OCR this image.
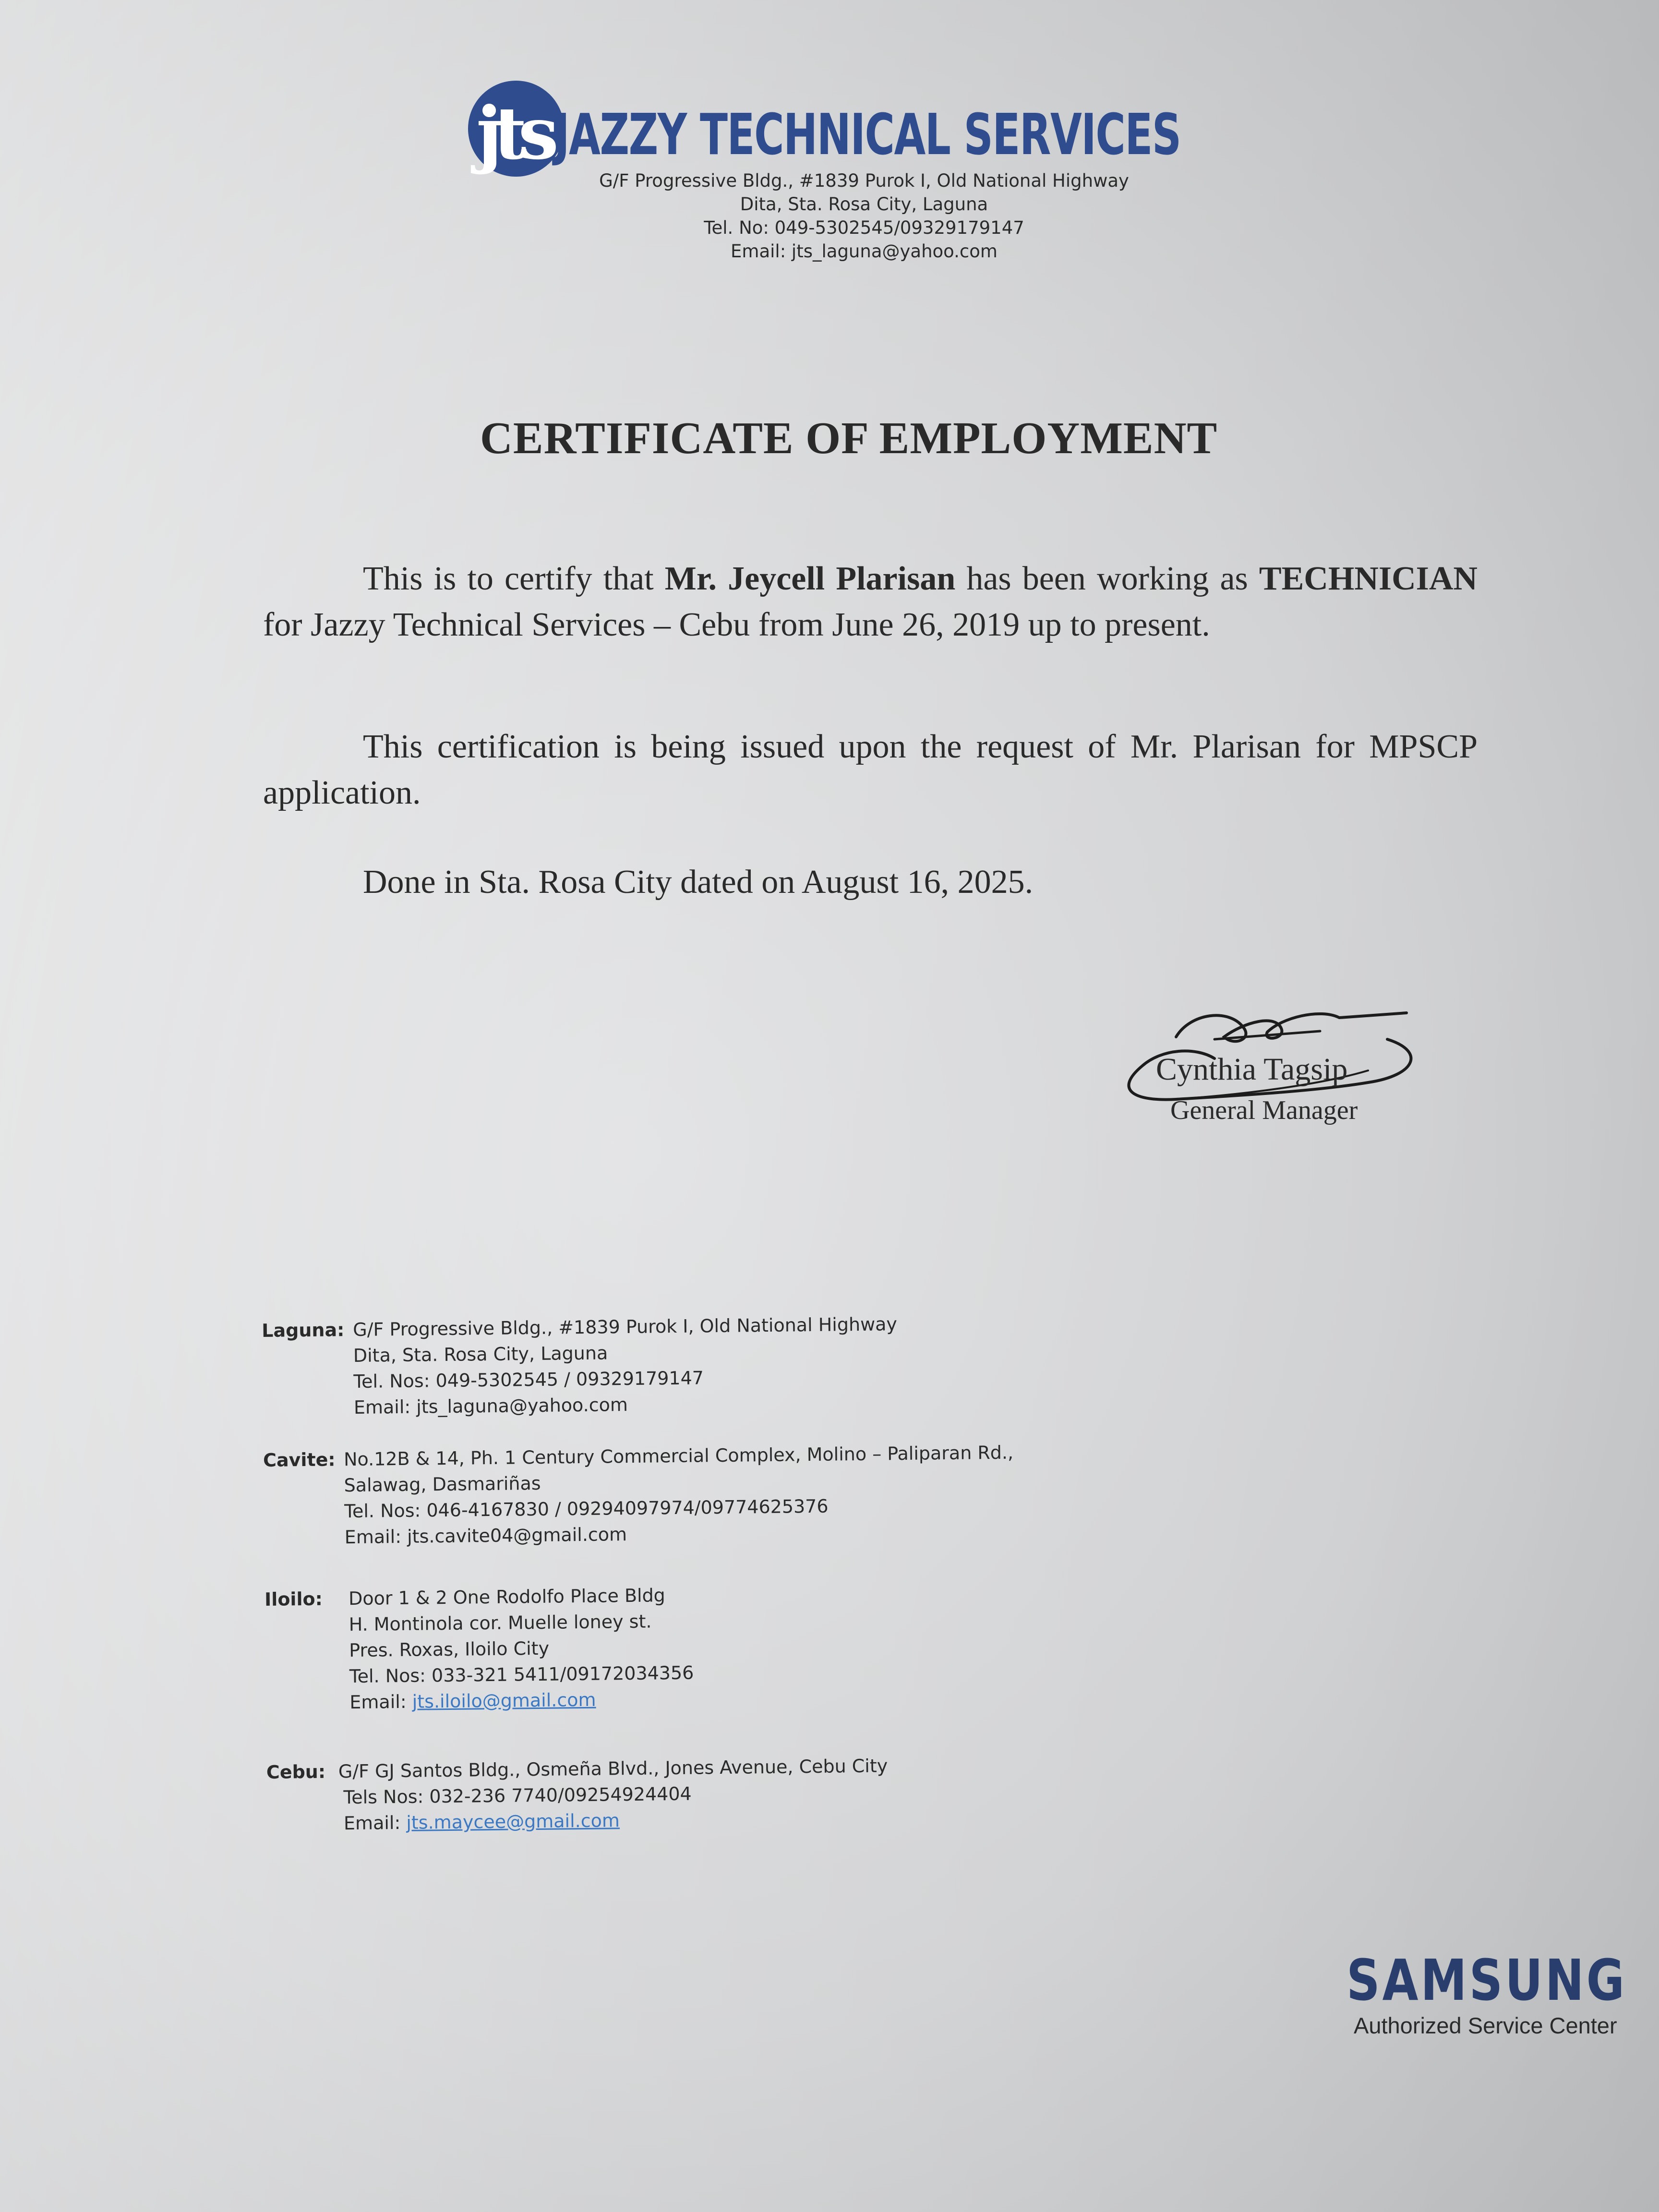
jts JAZZY TECHNICAL SERVICES
G/F Progressive Bldg., #1839 Purok I, Old National Highway
Dita, Sta. Rosa City, Laguna
Tel. No: 049-5302545/09329179147
Email: jts_laguna@yahoo.com
CERTIFICATE OF EMPLOYMENT
This is to certify that Mr. Jeycell Plarisan has been working as TECHNICIAN for Jazzy Technical Services – Cebu from June 26, 2019 up to present.
This certification is being issued upon the request of Mr. Plarisan for MPSCP application.
Done in Sta. Rosa City dated on August 16, 2025.
Cynthia Tagsip
General Manager
Laguna: G/F Progressive Bldg., #1839 Purok I, Old National Highway
Dita, Sta. Rosa City, Laguna
Tel. Nos: 049-5302545 / 09329179147
Email: jts_laguna@yahoo.com
Cavite: No.12B & 14, Ph. 1 Century Commercial Complex, Molino – Paliparan Rd.,
Salawag, Dasmariñas
Tel. Nos: 046-4167830 / 09294097974/09774625376
Email: jts.cavite04@gmail.com
Iloilo: Door 1 & 2 One Rodolfo Place Bldg
H. Montinola cor. Muelle loney st.
Pres. Roxas, Iloilo City
Tel. Nos: 033-321 5411/09172034356
Email: jts.iloilo@gmail.com
Cebu: G/F GJ Santos Bldg., Osmeña Blvd., Jones Avenue, Cebu City
Tels Nos: 032-236 7740/09254924404
Email: jts.maycee@gmail.com
SAMSUNG
Authorized Service Center
